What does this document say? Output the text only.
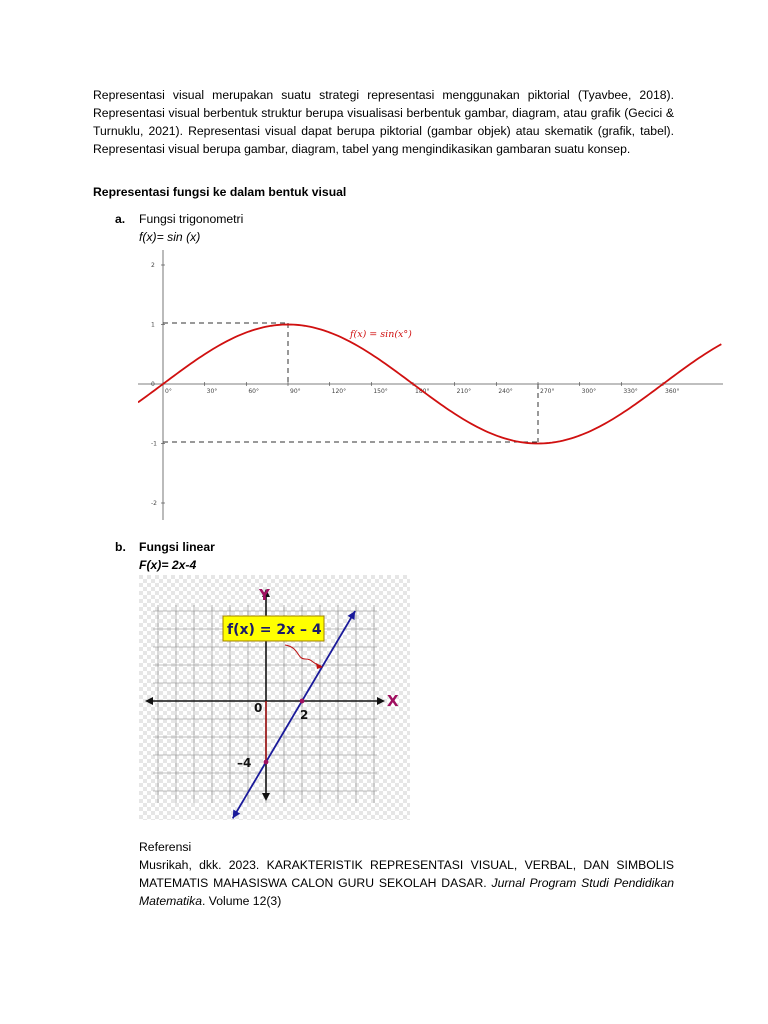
Representasi visual merupakan suatu strategi representasi menggunakan piktorial (Tyavbee, 2018). Representasi visual berbentuk struktur berupa visualisasi berbentuk gambar, diagram, atau grafik (Gecici & Turnuklu, 2021). Representasi visual dapat berupa piktorial (gambar objek) atau skematik (grafik, tabel). Representasi visual berupa gambar, diagram, tabel yang mengindikasikan gambaran suatu konsep.

Representasi fungsi ke dalam bentuk visual

a. Fungsi trigonometri
f(x)= sin (x)
2
1
0
-1
-2
0°	30°	60°	90°	120°	150°	180°	210°	240°	270°	300°	330°	360°
f(x) = sin(x°)
b. Fungsi linear
F(x)= 2x-4
Y
X
0	2
–4
f(x) = 2x – 4

Referensi

Musrikah, dkk. 2023. KARAKTERISTIK REPRESENTASI VISUAL, VERBAL, DAN SIMBOLIS MATEMATIS MAHASISWA CALON GURU SEKOLAH DASAR. Jurnal Program Studi Pendidikan Matematika. Volume 12(3)
